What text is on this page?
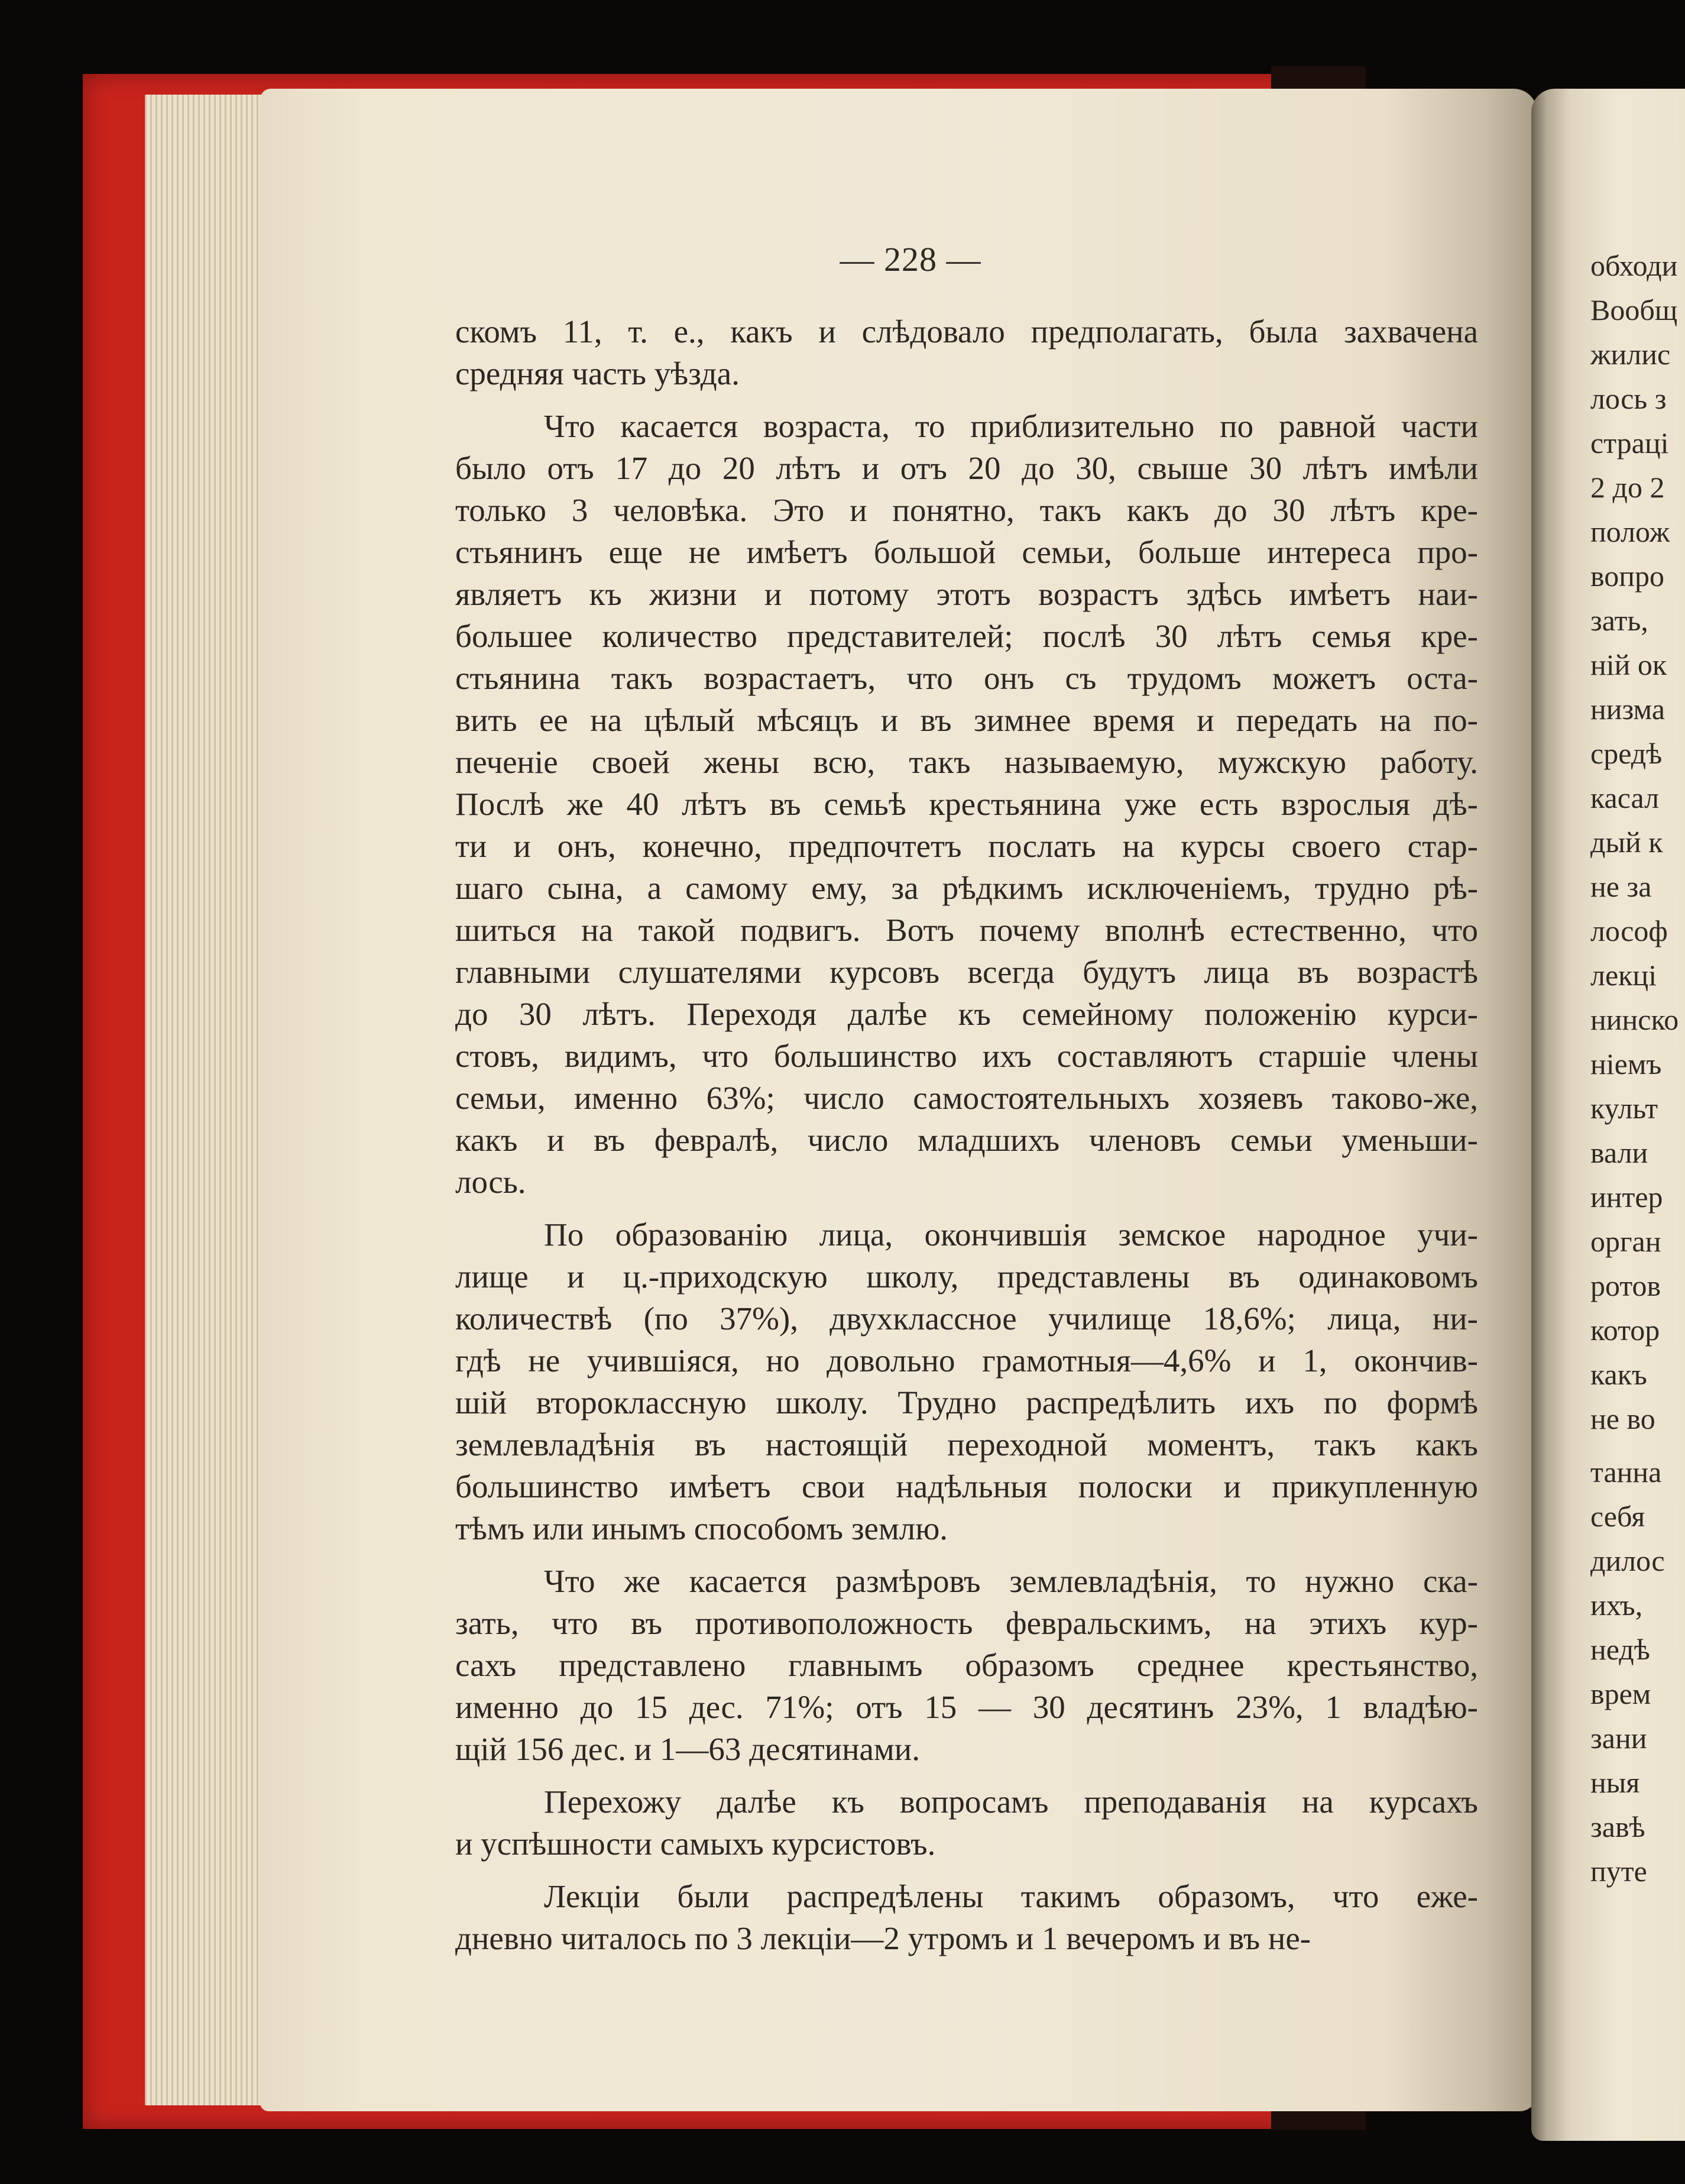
— 228 —
скомъ 11, т. е., какъ и слѣдовало предполагать, была захвачена
средняя часть уѣзда.
Что касается возраста, то приблизительно по равной части
было отъ 17 до 20 лѣтъ и отъ 20 до 30, свыше 30 лѣтъ имѣли
только 3 человѣка. Это и понятно, такъ какъ до 30 лѣтъ кре-
стьянинъ еще не имѣетъ большой семьи, больше интереса про-
являетъ къ жизни и потому этотъ возрастъ здѣсь имѣетъ наи-
большее количество представителей; послѣ 30 лѣтъ семья кре-
стьянина такъ возрастаетъ, что онъ съ трудомъ можетъ оста-
вить ее на цѣлый мѣсяцъ и въ зимнее время и передать на по-
печеніе своей жены всю, такъ называемую, мужскую работу.
Послѣ же 40 лѣтъ въ семьѣ крестьянина уже есть взрослыя дѣ-
ти и онъ, конечно, предпочтетъ послать на курсы своего стар-
шаго сына, а самому ему, за рѣдкимъ исключеніемъ, трудно рѣ-
шиться на такой подвигъ. Вотъ почему вполнѣ естественно, что
главными слушателями курсовъ всегда будутъ лица въ возрастѣ
до 30 лѣтъ. Переходя далѣе къ семейному положенію курси-
стовъ, видимъ, что большинство ихъ составляютъ старшіе члены
семьи, именно 63%; число самостоятельныхъ хозяевъ таково-же,
какъ и въ февралѣ, число младшихъ членовъ семьи уменьши-
лось.
По образованію лица, окончившія земское народное учи-
лище и ц.-приходскую школу, представлены въ одинаковомъ
количествѣ (по 37%), двухклассное училище 18,6%; лица, ни-
гдѣ не учившіяся, но довольно грамотныя—4,6% и 1, окончив-
шій второклассную школу. Трудно распредѣлить ихъ по формѣ
землевладѣнія въ настоящій переходной моментъ, такъ какъ
большинство имѣетъ свои надѣльныя полоски и прикупленную
тѣмъ или инымъ способомъ землю.
Что же касается размѣровъ землевладѣнія, то нужно ска-
зать, что въ противоположность февральскимъ, на этихъ кур-
сахъ представлено главнымъ образомъ среднее крестьянство,
именно до 15 дес. 71%; отъ 15 — 30 десятинъ 23%, 1 владѣю-
щій 156 дес. и 1—63 десятинами.
Перехожу далѣе къ вопросамъ преподаванія на курсахъ
и успѣшности самыхъ курсистовъ.
Лекціи были распредѣлены такимъ образомъ, что еже-
дневно читалось по 3 лекціи—2 утромъ и 1 вечеромъ и въ не-
обходи
Вообщ
жилис
лось з
страці
2 до 2
полож
вопро
зать,
ній ок
низма
средѣ
касал
дый к
не за
лософ
лекці
нинско
ніемъ
культ
вали
интер
орган
ротов
котор
какъ
не во
танна
себя
дилос
ихъ,
недѣ
врем
зани
ныя
завѣ
путе
